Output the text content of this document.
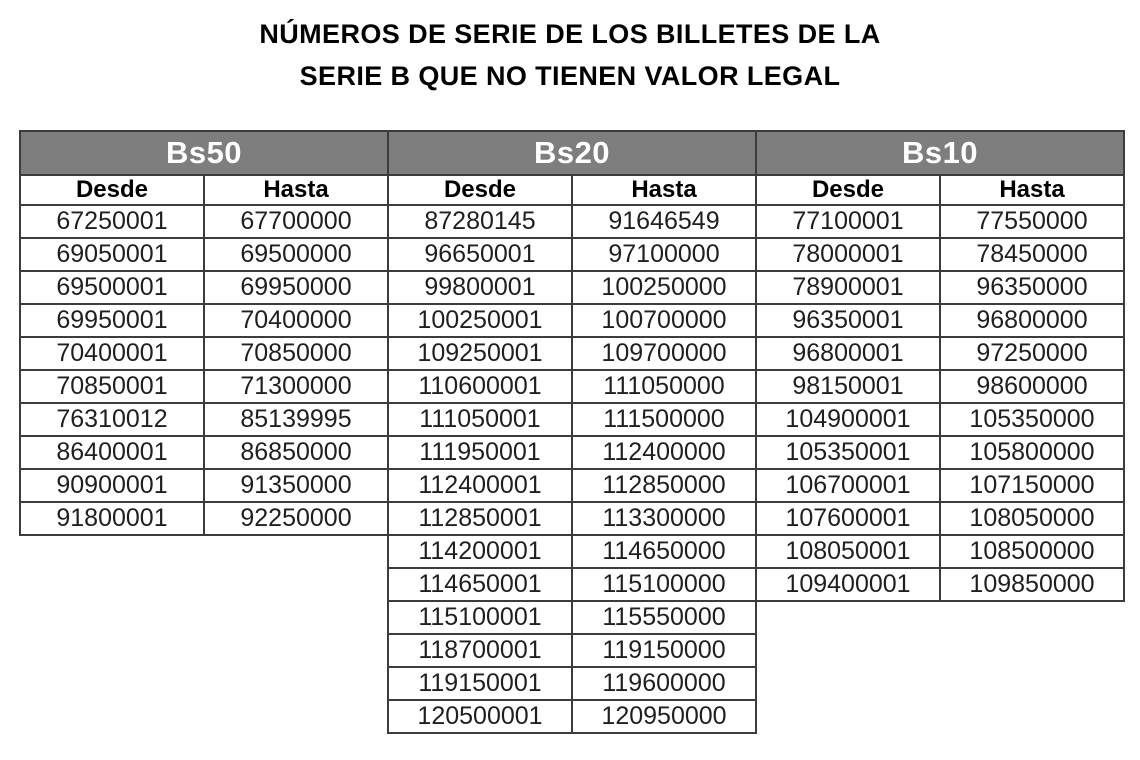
NÚMEROS DE SERIE DE LOS BILLETES DE LA
SERIE B QUE NO TIENEN VALOR LEGAL
Bs50	
Desde	Hasta
67250001	67700000
69050001	69500000
69500001	69950000
69950001	70400000
70400001	70850000
70850001	71300000
76310012	85139995
86400001	86850000
90900001	91350000
91800001	92250000
Bs20	
Desde	Hasta
87280145	91646549
96650001	97100000
99800001	100250000
100250001	100700000
109250001	109700000
110600001	111050000
111050001	111500000
111950001	112400000
112400001	112850000
112850001	113300000
114200001	114650000
114650001	115100000
115100001	115550000
118700001	119150000
119150001	119600000
120500001	120950000
Bs10	
Desde	Hasta
77100001	77550000
78000001	78450000
78900001	96350000
96350001	96800000
96800001	97250000
98150001	98600000
104900001	105350000
105350001	105800000
106700001	107150000
107600001	108050000
108050001	108500000
109400001	109850000
